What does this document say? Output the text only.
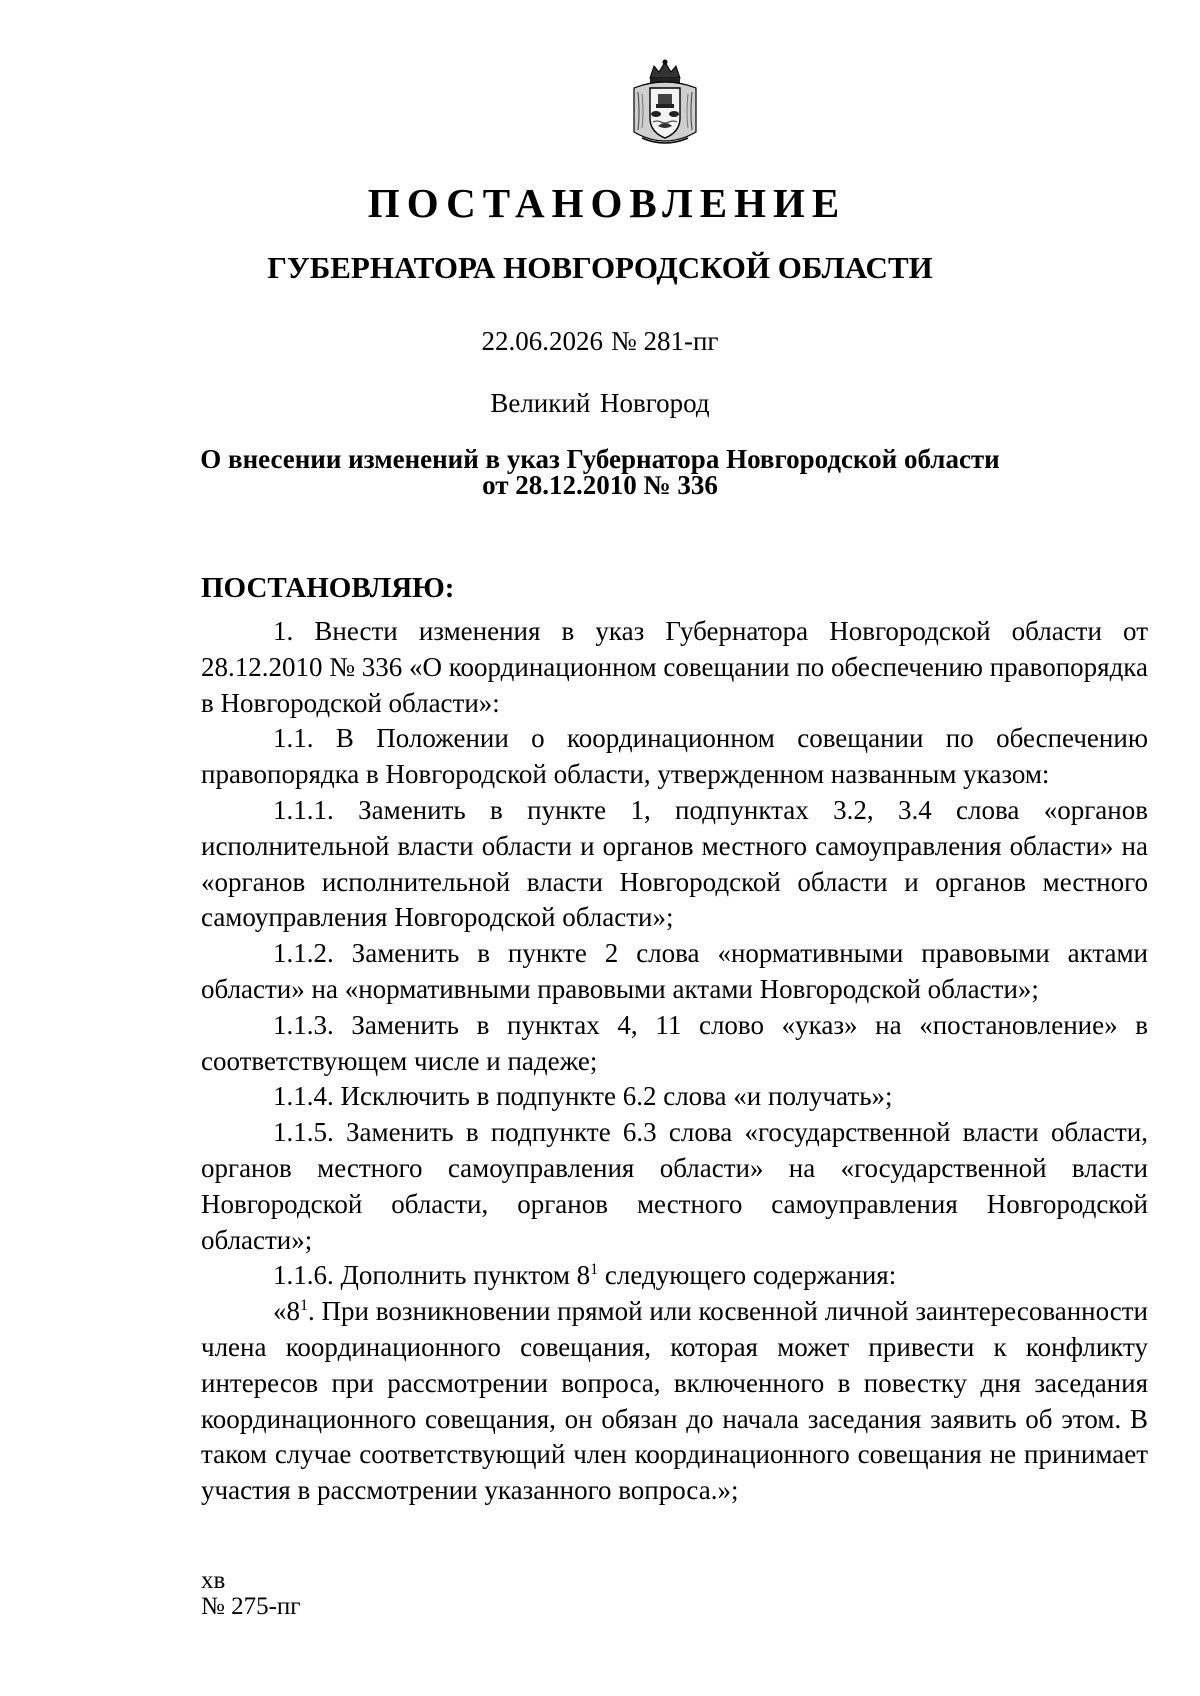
ПОСТАНОВЛЕНИЕ
ГУБЕРНАТОРА НОВГОРОДСКОЙ ОБЛАСТИ
22.06.2026 № 281-пг
Великий Новгород
О внесении изменений в указ Губернатора Новгородской области
от 28.12.2010 № 336
ПОСТАНОВЛЯЮ:

1. Внести изменения в указ Губернатора Новгородской области от 28.12.2010 № 336 «О координационном совещании по обеспечению правопорядка в Новгородской области»:

1.1. В Положении о координационном совещании по обеспечению правопорядка в Новгородской области, утвержденном названным указом:

1.1.1. Заменить в пункте 1, подпунктах 3.2, 3.4 слова «органов исполнительной власти области и органов местного самоуправления области» на «органов исполнительной власти Новгородской области и органов местного самоуправления Новгородской области»;

1.1.2. Заменить в пункте 2 слова «нормативными правовыми актами области» на «нормативными правовыми актами Новгородской области»;

1.1.3. Заменить в пунктах 4, 11 слово «указ» на «постановление» в соответствующем числе и падеже;

1.1.4. Исключить в подпункте 6.2 слова «и получать»;

1.1.5. Заменить в подпункте 6.3 слова «государственной власти области, органов местного самоуправления области» на «государственной власти Новгородской области, органов местного самоуправления Новгородской области»;

1.1.6. Дополнить пунктом $8^1$ следующего содержания:

«$8^1$. При возникновении прямой или косвенной личной заинтересованности члена координационного совещания, которая может привести к конфликту интересов при рассмотрении вопроса, включенного в повестку дня заседания координационного совещания, он обязан до начала заседания заявить об этом. В таком случае соответствующий член координационного совещания не принимает участия в рассмотрении указанного вопроса.»;

хв
№ 275-пг
